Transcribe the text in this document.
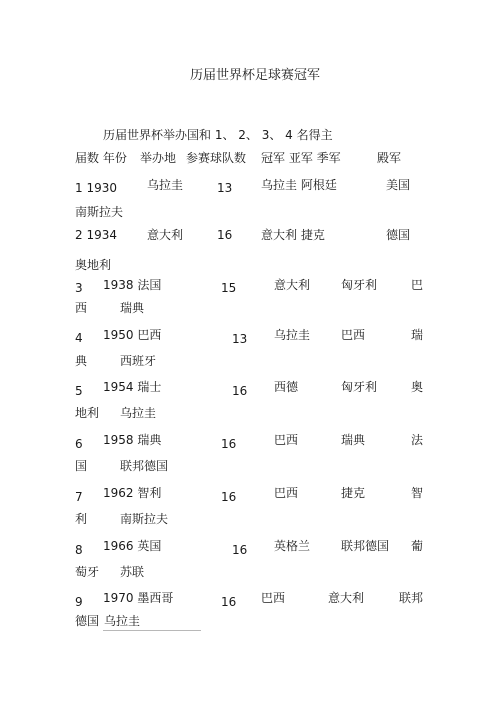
历届世界杯足球赛冠军
历届世界杯举办国和 1、 2、 3、 4 名得主
届数 年份 举办地 参赛球队数 冠军 亚军 季军	殿军
1 1930	乌拉圭	13 乌拉圭 阿根廷	美国
南斯拉夫
2 1934	意大利	16 意大利 捷克	德国
奥地利
3 1938 法国	15	意大利	匈牙利	巴
西	瑞典
4 1950 巴西	13 乌拉圭	巴西	瑞
典	西班牙
5 1954 瑞士	16 西德	匈牙利	奥
地利 乌拉圭
6 1958 瑞典	16	巴西	瑞典	法
国	联邦德国
7 1962 智利	16	巴西	捷克	智
利	南斯拉夫
8 1966 英国	16 英格兰	联邦德国 葡
萄牙 苏联
9 1970 墨西哥	16 巴西	意大利	联邦
德国 乌拉圭
